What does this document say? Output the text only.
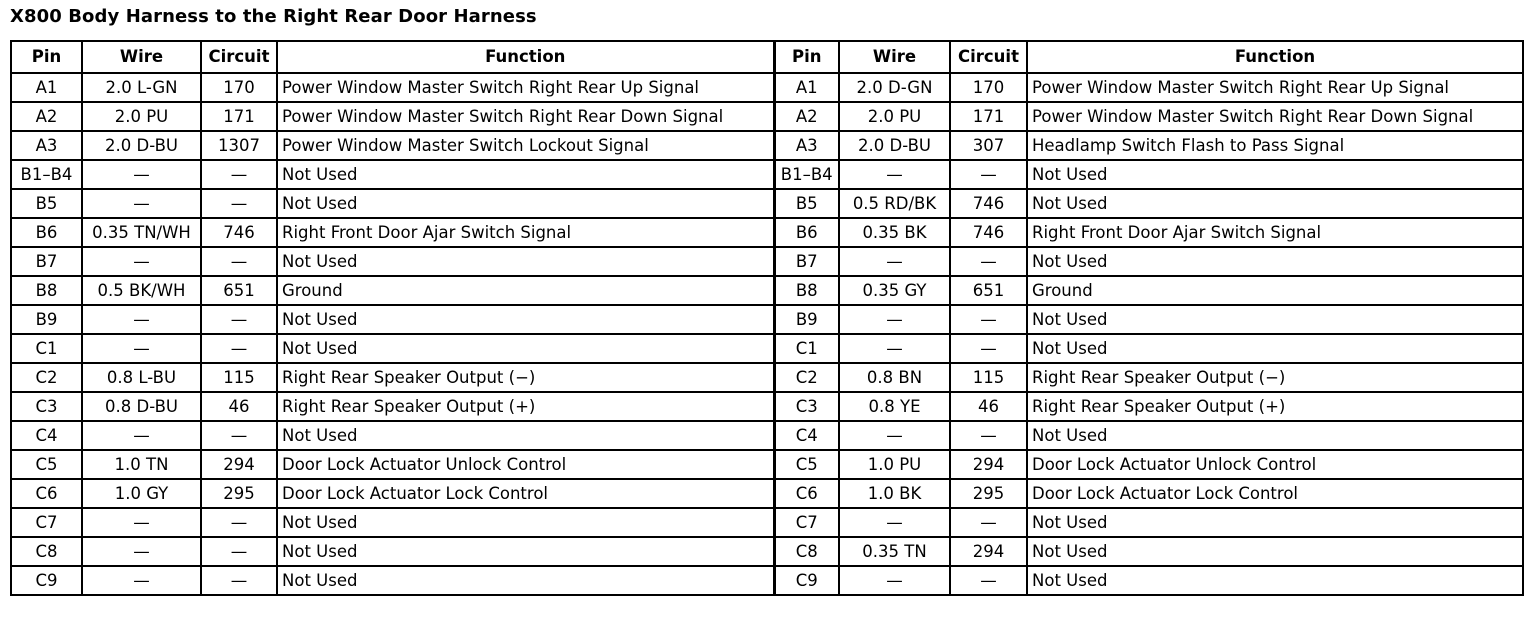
X800 Body Harness to the Right Rear Door Harness
Pin	Wire	Circuit	Function	Pin	Wire	Circuit	Function
A1	2.0 L-GN	170	Power Window Master Switch Right Rear Up Signal	A1	2.0 D-GN	170	Power Window Master Switch Right Rear Up Signal
A2	2.0 PU	171	Power Window Master Switch Right Rear Down Signal	A2	2.0 PU	171	Power Window Master Switch Right Rear Down Signal
A3	2.0 D-BU	1307	Power Window Master Switch Lockout Signal	A3	2.0 D-BU	307	Headlamp Switch Flash to Pass Signal
B1–B4	—	—	Not Used	B1–B4	—	—	Not Used
B5	—	—	Not Used	B5	0.5 RD/BK	746	Not Used
B6	0.35 TN/WH	746	Right Front Door Ajar Switch Signal	B6	0.35 BK	746	Right Front Door Ajar Switch Signal
B7	—	—	Not Used	B7	—	—	Not Used
B8	0.5 BK/WH	651	Ground	B8	0.35 GY	651	Ground
B9	—	—	Not Used	B9	—	—	Not Used
C1	—	—	Not Used	C1	—	—	Not Used
C2	0.8 L-BU	115	Right Rear Speaker Output (−)	C2	0.8 BN	115	Right Rear Speaker Output (−)
C3	0.8 D-BU	46	Right Rear Speaker Output (+)	C3	0.8 YE	46	Right Rear Speaker Output (+)
C4	—	—	Not Used	C4	—	—	Not Used
C5	1.0 TN	294	Door Lock Actuator Unlock Control	C5	1.0 PU	294	Door Lock Actuator Unlock Control
C6	1.0 GY	295	Door Lock Actuator Lock Control	C6	1.0 BK	295	Door Lock Actuator Lock Control
C7	—	—	Not Used	C7	—	—	Not Used
C8	—	—	Not Used	C8	0.35 TN	294	Not Used
C9	—	—	Not Used	C9	—	—	Not Used
